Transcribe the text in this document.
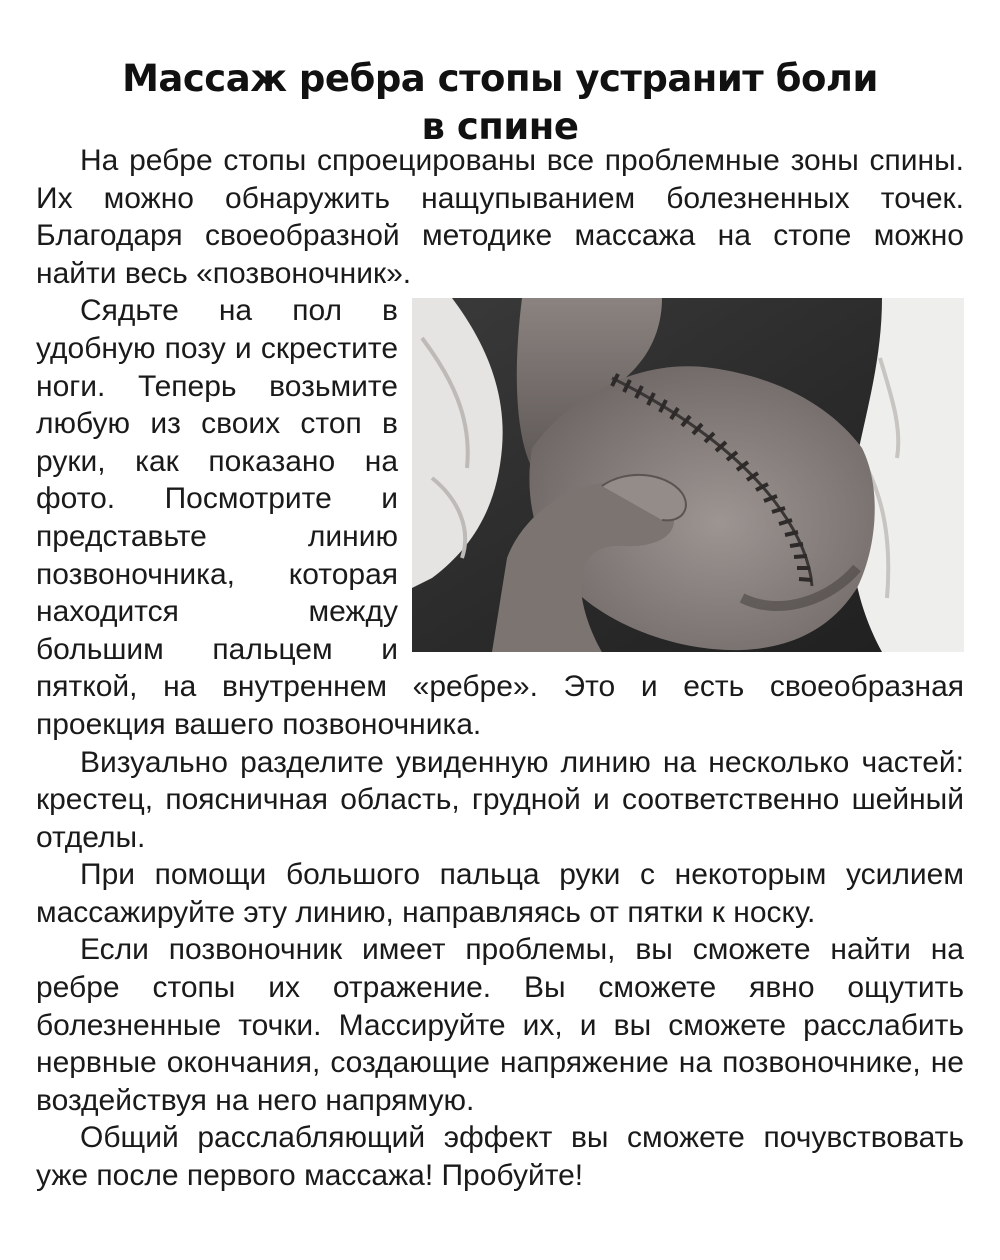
Массаж ребра стопы устранит боли
в спине

На ребре стопы спроецированы все проблемные зоны спины. Их можно обнаружить нащупыванием болезненных точек. Благодаря своеобразной методике массажа на стопе можно найти весь «позвоночник».

Сядьте на пол в удобную позу и скрестите ноги. Теперь возьмите любую из своих стоп в руки, как показано на фото. Посмотрите и представьте линию позвоночника, которая находится между большим пальцем и пяткой, на внутреннем «ребре». Это и есть своеобразная проекция вашего позвоночника.

Визуально разделите увиденную линию на несколько частей: крестец, поясничная область, грудной и соответственно шейный отделы.

При помощи большого пальца руки с некоторым усилием массажируйте эту линию, направляясь от пятки к носку.

Если позвоночник имеет проблемы, вы сможете найти на ребре стопы их отражение. Вы сможете явно ощутить болезненные точки. Массируйте их, и вы сможете расслабить нервные окончания, создающие напряжение на позвоночнике, не воздействуя на него напрямую.

Общий расслабляющий эффект вы сможете почувствовать уже после первого массажа! Пробуйте!
